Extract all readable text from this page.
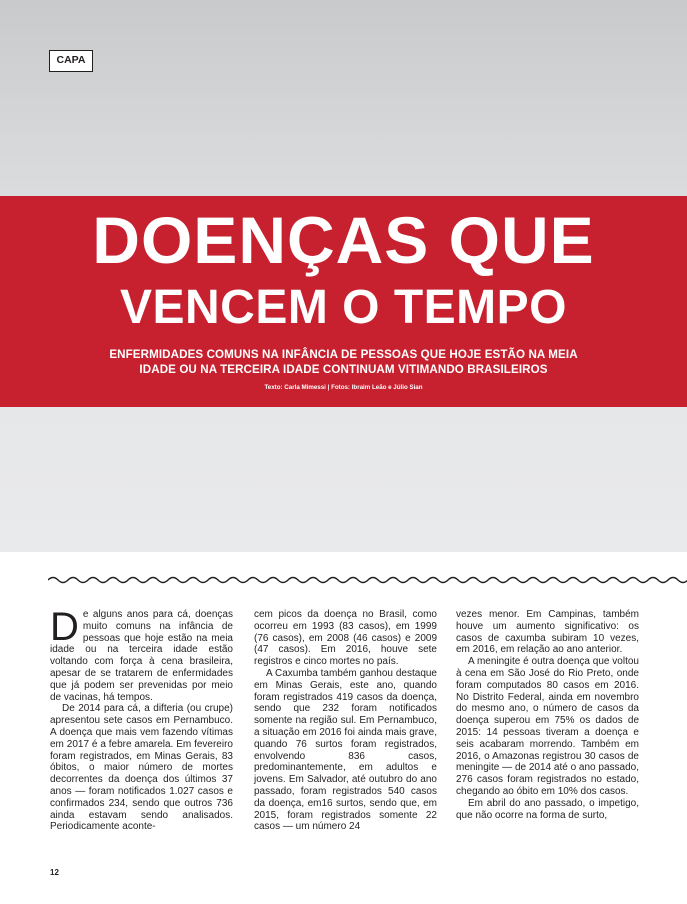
CAPA
DOENÇAS QUE
VENCEM O TEMPO
ENFERMIDADES COMUNS NA INFÂNCIA DE PESSOAS QUE HOJE ESTÃO NA MEIA IDADE OU NA TERCEIRA IDADE CONTINUAM VITIMANDO BRASILEIROS
Texto: Carla Mimessi | Fotos: Ibraim Leão e Júlio Sian

De alguns anos para cá, doenças muito comuns na infância de pessoas que hoje estão na meia idade ou na terceira idade estão voltando com força à cena brasileira, apesar de se tratarem de enfermidades que já podem ser prevenidas por meio de vacinas, há tempos.

De 2014 para cá, a difteria (ou crupe) apresentou sete casos em Pernambuco. A doença que mais vem fazendo vítimas em 2017 é a febre amarela. Em fevereiro foram registrados, em Minas Gerais, 83 óbitos, o maior número de mortes decorrentes da doença dos últimos 37 anos — foram notificados 1.027 casos e confirmados 234, sendo que outros 736 ainda estavam sendo analisados. Periodicamente aconte-

cem picos da doença no Brasil, como ocorreu em 1993 (83 casos), em 1999 (76 casos), em 2008 (46 casos) e 2009 (47 casos). Em 2016, houve sete registros e cinco mortes no país.

A Caxumba também ganhou destaque em Minas Gerais, este ano, quando foram registrados 419 casos da doença, sendo que 232 foram notificados somente na região sul. Em Pernambuco, a situação em 2016 foi ainda mais grave, quando 76 surtos foram registrados, envolvendo 836 casos, predominantemente, em adultos e jovens. Em Salvador, até outubro do ano passado, foram registrados 540 casos da doença, em16 surtos, sendo que, em 2015, foram registrados somente 22 casos — um número 24

vezes menor. Em Campinas, também houve um aumento significativo: os casos de caxumba subiram 10 vezes, em 2016, em relação ao ano anterior.

A meningite é outra doença que voltou à cena em São José do Rio Preto, onde foram computados 80 casos em 2016. No Distrito Federal, ainda em novembro do mesmo ano, o número de casos da doença superou em 75% os dados de 2015: 14 pessoas tiveram a doença e seis acabaram morrendo. Também em 2016, o Amazonas registrou 30 casos de meningite — de 2014 até o ano passado, 276 casos foram registrados no estado, chegando ao óbito em 10% dos casos.

Em abril do ano passado, o impetigo, que não ocorre na forma de surto,

12
